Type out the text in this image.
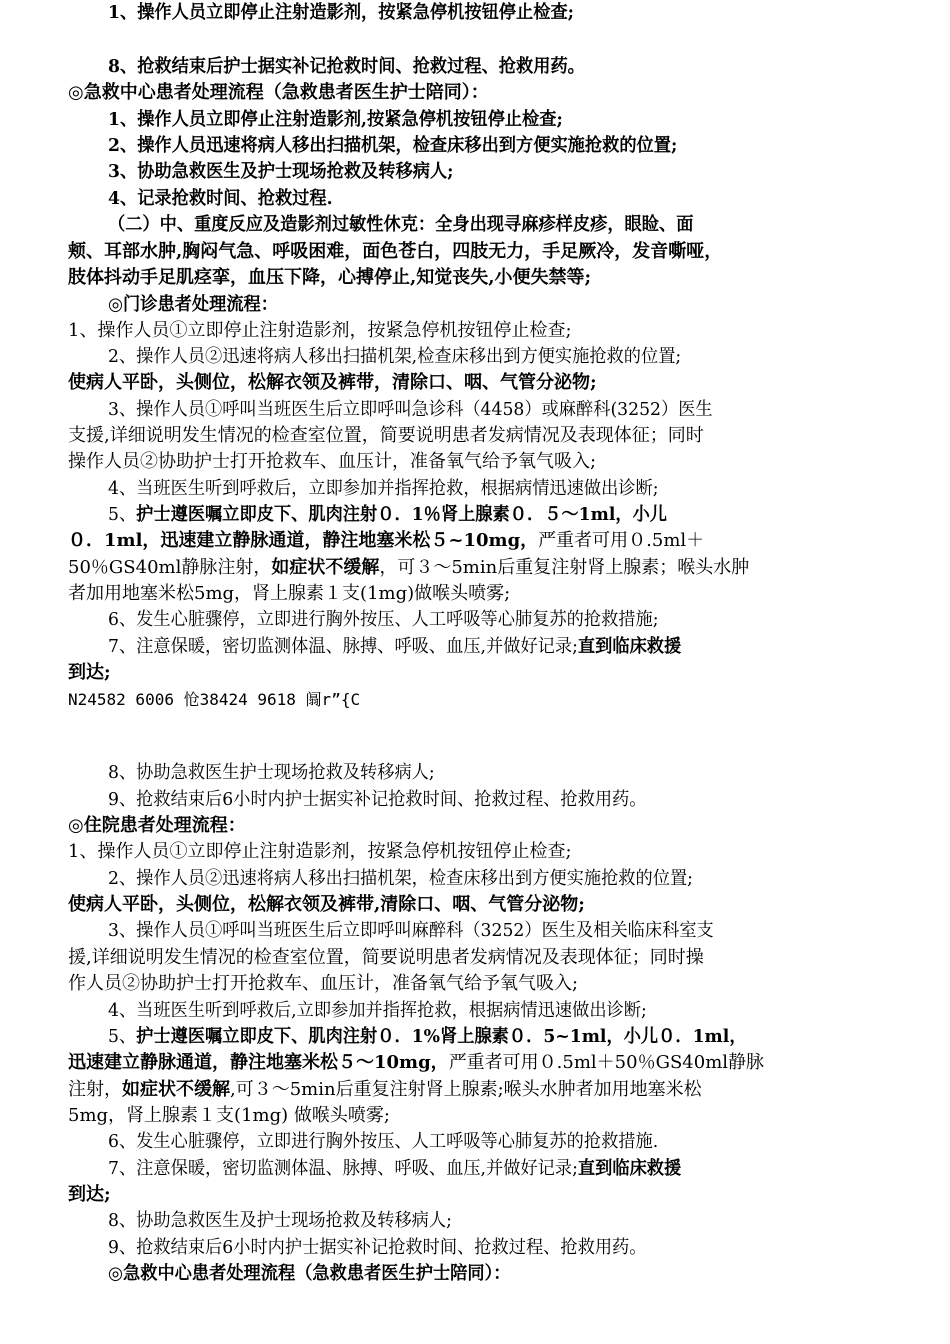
8、抢救结束后护士据实补记抢救时间、抢救过程、抢救用药。
◎急救中心患者处理流程（急救患者医生护士陪同）：
1、操作人员立即停止注射造影剂,按紧急停机按钮停止检查;
2、操作人员迅速将病人移出扫描机架，检查床移出到方便实施抢救的位置;
3、协助急救医生及护士现场抢救及转移病人;
4、记录抢救时间、抢救过程.
（二）中、重度反应及造影剂过敏性休克：全身出现寻麻疹样皮疹，眼睑、面
颊、耳部水肿,胸闷气急、呼吸困难，面色苍白，四肢无力，手足厥冷，发音嘶哑，
肢体抖动手足肌痉挛，血压下降，心搏停止,知觉丧失,小便失禁等;
◎门诊患者处理流程：
1、操作人员①立即停止注射造影剂，按紧急停机按钮停止检查;
2、操作人员②迅速将病人移出扫描机架,检查床移出到方便实施抢救的位置;
使病人平卧，头侧位，松解衣领及裤带，清除口、咽、气管分泌物;
3、操作人员①呼叫当班医生后立即呼叫急诊科（4458）或麻醉科(3252）医生
支援,详细说明发生情况的检查室位置，简要说明患者发病情况及表现体征；同时
操作人员②协助护士打开抢救车、血压计，准备氧气给予氧气吸入;
4、当班医生听到呼救后，立即参加并指挥抢救，根据病情迅速做出诊断;
5、护士遵医嘱立即皮下、肌肉注射０．1％肾上腺素０．５～1ml，小儿
０．1ml，迅速建立静脉通道，静注地塞米松５~10mg，严重者可用０.5ml＋
50％GS40ml静脉注射，如症状不缓解，可３～5min后重复注射肾上腺素；喉头水肿
者加用地塞米松5mg，肾上腺素１支(1mg)做喉头喷雾;
6、发生心脏骤停，立即进行胸外按压、人工呼吸等心肺复苏的抢救措施;
7、注意保暖，密切监测体温、脉搏、呼吸、血压,并做好记录;直到临床救援
到达;
N24582 6006 怆38424 9618 阘r”{C
8、协助急救医生护士现场抢救及转移病人;
9、抢救结束后6小时内护士据实补记抢救时间、抢救过程、抢救用药。
◎住院患者处理流程：
1、操作人员①立即停止注射造影剂，按紧急停机按钮停止检查;
2、操作人员②迅速将病人移出扫描机架，检查床移出到方便实施抢救的位置;
使病人平卧，头侧位，松解衣领及裤带,清除口、咽、气管分泌物;
3、操作人员①呼叫当班医生后立即呼叫麻醉科（3252）医生及相关临床科室支
援,详细说明发生情况的检查室位置，简要说明患者发病情况及表现体征；同时操
作人员②协助护士打开抢救车、血压计，准备氧气给予氧气吸入;
4、当班医生听到呼救后,立即参加并指挥抢救，根据病情迅速做出诊断;
5、护士遵医嘱立即皮下、肌肉注射０．1%肾上腺素０．5~1ml，小儿０．1ml，
迅速建立静脉通道，静注地塞米松５～10mg，严重者可用０.5ml＋50％GS40ml静脉
注射，如症状不缓解,可３～5min后重复注射肾上腺素;喉头水肿者加用地塞米松
5mg，肾上腺素１支(1mg) 做喉头喷雾;
6、发生心脏骤停，立即进行胸外按压、人工呼吸等心肺复苏的抢救措施.
7、注意保暖，密切监测体温、脉搏、呼吸、血压,并做好记录;直到临床救援
到达;
8、协助急救医生及护士现场抢救及转移病人;
9、抢救结束后6小时内护士据实补记抢救时间、抢救过程、抢救用药。
◎急救中心患者处理流程（急救患者医生护士陪同）：
1、操作人员立即停止注射造影剂，按紧急停机按钮停止检查;
